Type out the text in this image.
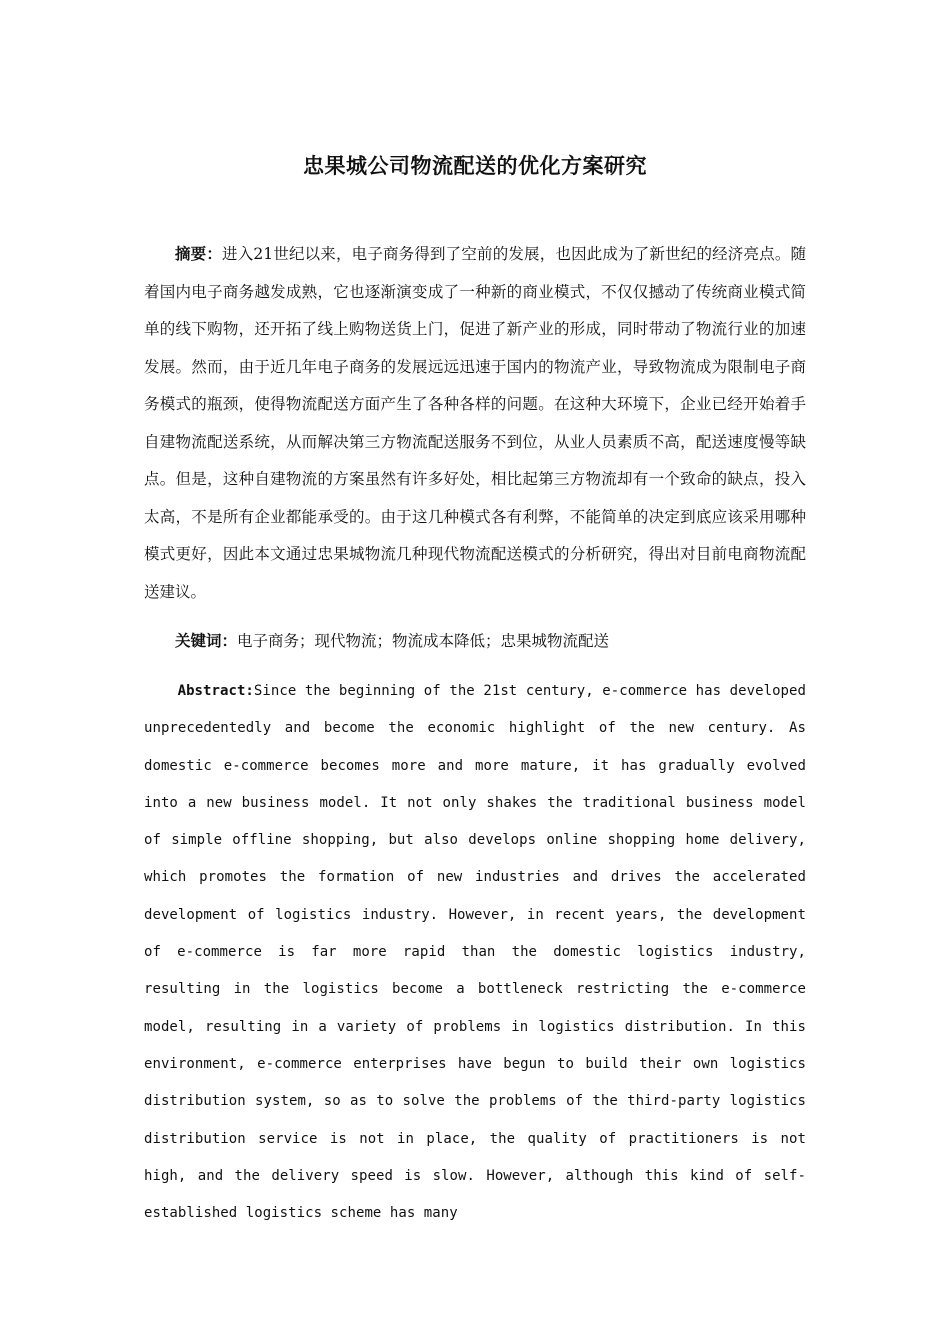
忠果城公司物流配送的优化方案研究

摘要：进入21世纪以来，电子商务得到了空前的发展，也因此成为了新世纪的经济亮点。随着国内电子商务越发成熟，它也逐渐演变成了一种新的商业模式，不仅仅撼动了传统商业模式简单的线下购物，还开拓了线上购物送货上门，促进了新产业的形成，同时带动了物流行业的加速发展。然而，由于近几年电子商务的发展远远迅速于国内的物流产业，导致物流成为限制电子商务模式的瓶颈，使得物流配送方面产生了各种各样的问题。在这种大环境下，企业已经开始着手自建物流配送系统，从而解决第三方物流配送服务不到位，从业人员素质不高，配送速度慢等缺点。但是，这种自建物流的方案虽然有许多好处，相比起第三方物流却有一个致命的缺点，投入太高，不是所有企业都能承受的。由于这几种模式各有利弊，不能简单的决定到底应该采用哪种模式更好，因此本文通过忠果城物流几种现代物流配送模式的分析研究，得出对目前电商物流配送建议。

关键词：电子商务；现代物流；物流成本降低；忠果城物流配送

Abstract:Since the beginning of the 21st century, e-commerce has developed unprecedentedly and become the economic highlight of the new century. As domestic e-commerce becomes more and more mature, it has gradually evolved into a new business model. It not only shakes the traditional business model of simple offline shopping, but also develops online shopping home delivery, which promotes the formation of new industries and drives the accelerated development of logistics industry. However, in recent years, the development of e-commerce is far more rapid than the domestic logistics industry, resulting in the logistics become a bottleneck restricting the e-commerce model, resulting in a variety of problems in logistics distribution. In this environment, e-commerce enterprises have begun to build their own logistics distribution system, so as to solve the problems of the third-party logistics distribution service is not in place, the quality of practitioners is not high, and the delivery speed is slow. However, although this kind of self-established logistics scheme has many
